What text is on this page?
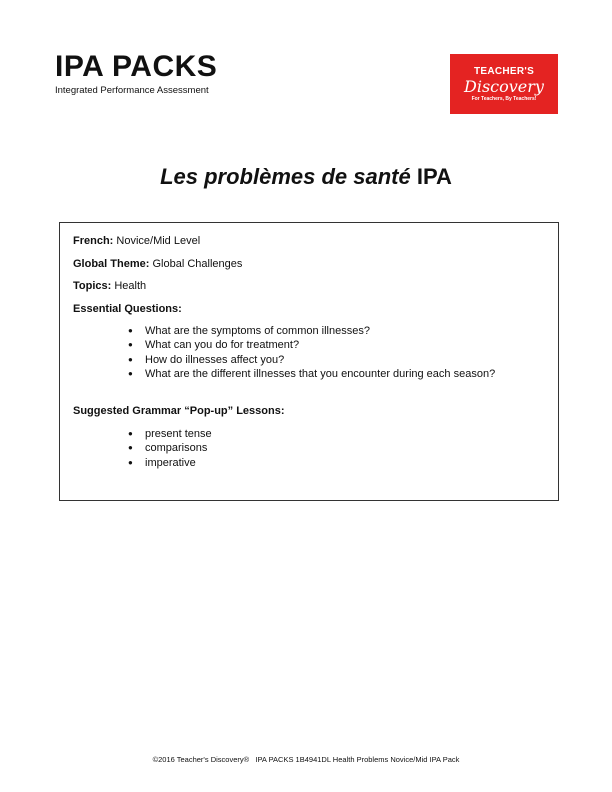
IPA PACKS
Integrated Performance Assessment
TEACHER'S
Discovery
For Teachers, By Teachers!
Les problèmes de santé IPA

French: Novice/Mid Level

Global Theme: Global Challenges

Topics: Health

Essential Questions:

● What are the symptoms of common illnesses?
● What can you do for treatment?
● How do illnesses affect you?
● What are the different illnesses that you encounter during each season?

Suggested Grammar “Pop-up” Lessons:

● present tense
● comparisons
● imperative
©2016 Teacher's Discovery®   IPA PACKS 1B4941DL Health Problems Novice/Mid IPA Pack
